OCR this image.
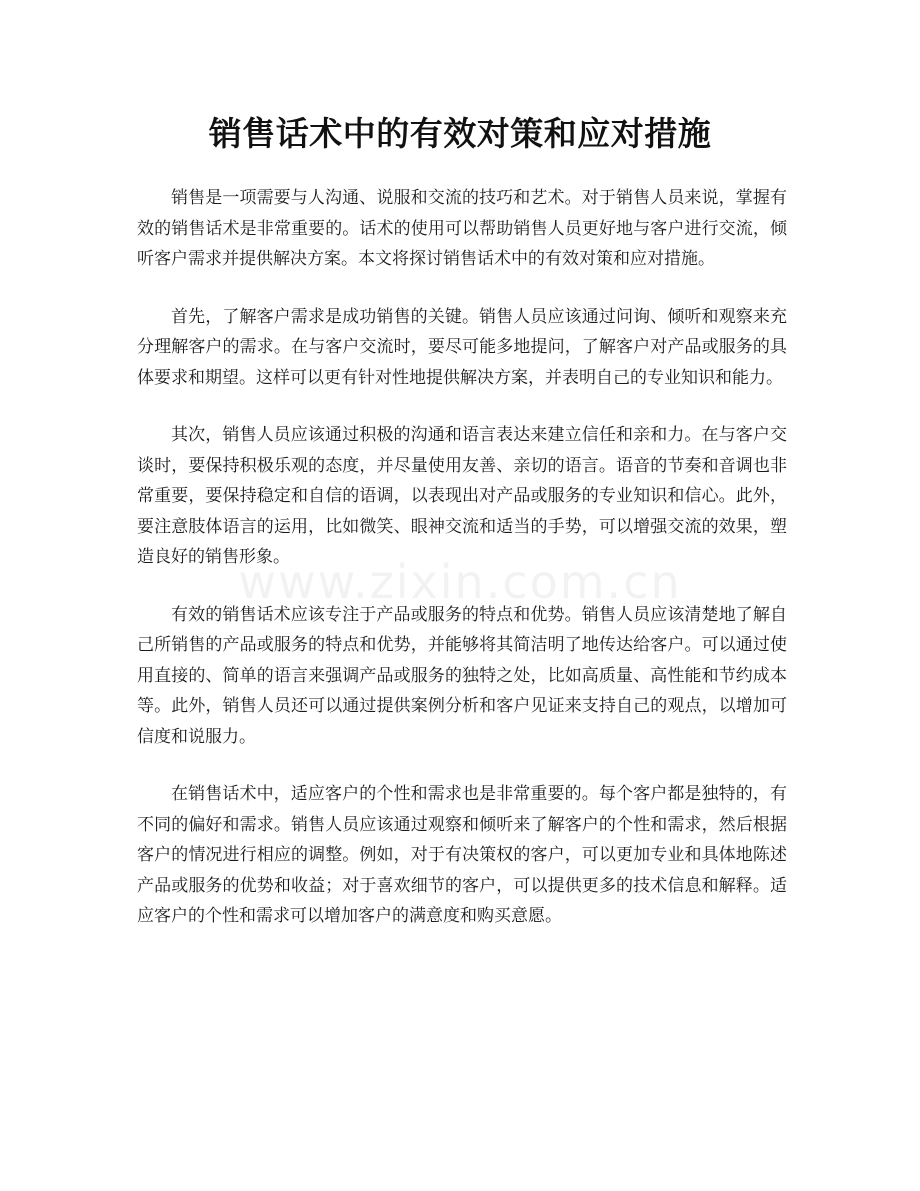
销售话术中的有效对策和应对措施

销售是一项需要与人沟通、说服和交流的技巧和艺术。对于销售人员来说，掌握有效的销售话术是非常重要的。话术的使用可以帮助销售人员更好地与客户进行交流，倾听客户需求并提供解决方案。本文将探讨销售话术中的有效对策和应对措施。

首先，了解客户需求是成功销售的关键。销售人员应该通过问询、倾听和观察来充分理解客户的需求。在与客户交流时，要尽可能多地提问，了解客户对产品或服务的具体要求和期望。这样可以更有针对性地提供解决方案，并表明自己的专业知识和能力。

其次，销售人员应该通过积极的沟通和语言表达来建立信任和亲和力。在与客户交谈时，要保持积极乐观的态度，并尽量使用友善、亲切的语言。语音的节奏和音调也非常重要，要保持稳定和自信的语调，以表现出对产品或服务的专业知识和信心。此外，要注意肢体语言的运用，比如微笑、眼神交流和适当的手势，可以增强交流的效果，塑造良好的销售形象。

有效的销售话术应该专注于产品或服务的特点和优势。销售人员应该清楚地了解自己所销售的产品或服务的特点和优势，并能够将其简洁明了地传达给客户。可以通过使用直接的、简单的语言来强调产品或服务的独特之处，比如高质量、高性能和节约成本等。此外，销售人员还可以通过提供案例分析和客户见证来支持自己的观点，以增加可信度和说服力。

在销售话术中，适应客户的个性和需求也是非常重要的。每个客户都是独特的，有不同的偏好和需求。销售人员应该通过观察和倾听来了解客户的个性和需求，然后根据客户的情况进行相应的调整。例如，对于有决策权的客户，可以更加专业和具体地陈述产品或服务的优势和收益；对于喜欢细节的客户，可以提供更多的技术信息和解释。适应客户的个性和需求可以增加客户的满意度和购买意愿。

www.zixin.com.cn
